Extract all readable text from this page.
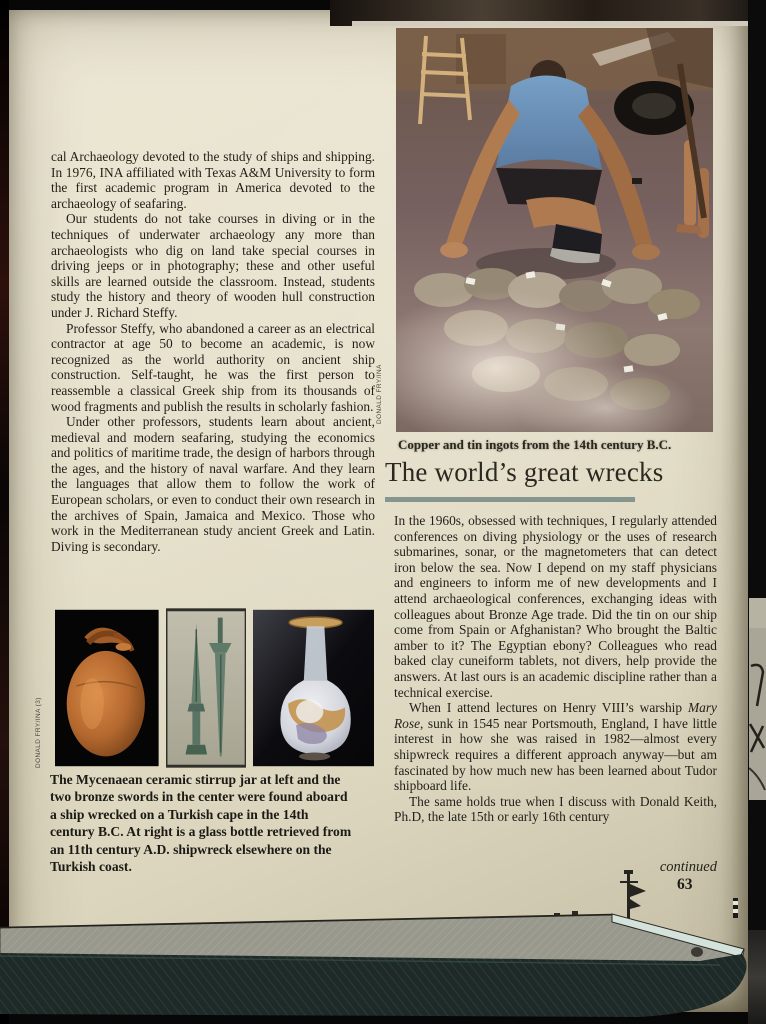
cal Archaeology devoted to the study of ships and shipping. In 1976, INA affiliated with Texas A&M University to form the first academic program in America devoted to the archaeology of seafaring.

Our students do not take courses in diving or in the techniques of underwater archaeology any more than archaeologists who dig on land take special courses in driving jeeps or in photography; these and other useful skills are learned outside the classroom. Instead, students study the history and theory of wooden hull construction under J. Richard Steffy.

Professor Steffy, who abandoned a career as an electrical contractor at age 50 to become an academic, is now recognized as the world authority on ancient ship construction. Self-taught, he was the first person to reassemble a classical Greek ship from its thousands of wood fragments and publish the results in scholarly fashion.

Under other professors, students learn about ancient, medieval and modern seafaring, studying the economics and politics of maritime trade, the design of harbors through the ages, and the history of naval warfare. And they learn the languages that allow them to follow the work of European scholars, or even to conduct their own research in the archives of Spain, Jamaica and Mexico. Those who work in the Mediterranean study ancient Greek and Latin. Diving is secondary.

DONALD FRY/INA
DONALD FRY/INA (3)
Copper and tin ingots from the 14th century B.C.
The world’s great wrecks

In the 1960s, obsessed with techniques, I regularly attended conferences on diving physiology or the uses of research submarines, sonar, or the magnetometers that can detect iron below the sea. Now I depend on my staff physicians and engineers to inform me of new developments and I attend archaeological conferences, exchanging ideas with colleagues about Bronze Age trade. Did the tin on our ship come from Spain or Afghanistan? Who brought the Baltic amber to it? The Egyptian ebony? Colleagues who read baked clay cuneiform tablets, not divers, help provide the answers. At last ours is an academic discipline rather than a technical exercise.

When I attend lectures on Henry VIII’s warship Mary Rose, sunk in 1545 near Portsmouth, England, I have little interest in how she was raised in 1982—almost every shipwreck requires a different approach anyway—but am fascinated by how much new has been learned about Tudor shipboard life.

The same holds true when I discuss with Donald Keith, Ph.D, the late 15th or early 16th century

continued
63
The Mycenaean ceramic stirrup jar at left and the two bronze swords in the center were found aboard a ship wrecked on a Turkish cape in the 14th century B.C. At right is a glass bottle retrieved from an 11th century A.D. shipwreck elsewhere on the Turkish coast.
